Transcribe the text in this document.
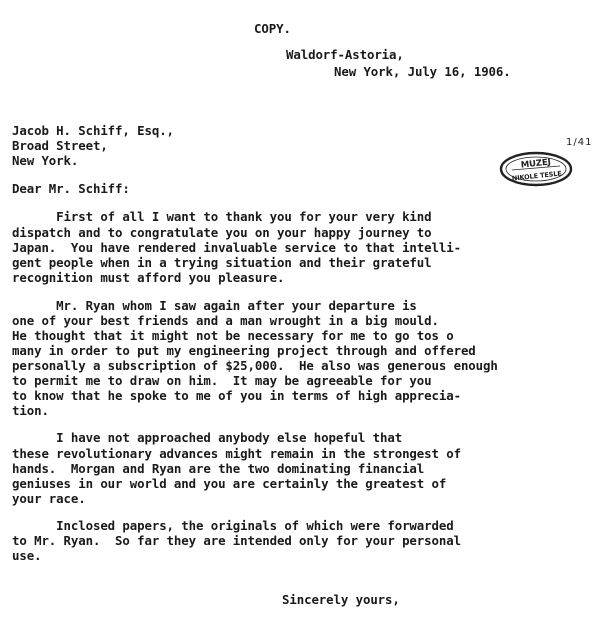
COPY.
Waldorf-Astoria,
New York, July 16, 1906.
Jacob H. Schiff, Esq.,
Broad Street,
New York.	MUZEJ
NIKOLE TESLE
1/41
Dear Mr. Schiff:
First of all I want to thank you for your very kind
dispatch and to congratulate you on your happy journey to
Japan.  You have rendered invaluable service to that intelli-
gent people when in a trying situation and their grateful
recognition must afford you pleasure.
Mr. Ryan whom I saw again after your departure is
one of your best friends and a man wrought in a big mould.
He thought that it might not be necessary for me to go tos o
many in order to put my engineering project through and offered
personally a subscription of $25,000.  He also was generous enough
to permit me to draw on him.  It may be agreeable for you
to know that he spoke to me of you in terms of high apprecia-
tion.
I have not approached anybody else hopeful that
these revolutionary advances might remain in the strongest of
hands.  Morgan and Ryan are the two dominating financial
geniuses in our world and you are certainly the greatest of
your race.
Inclosed papers, the originals of which were forwarded
to Mr. Ryan.  So far they are intended only for your personal
use.
Sincerely yours,
